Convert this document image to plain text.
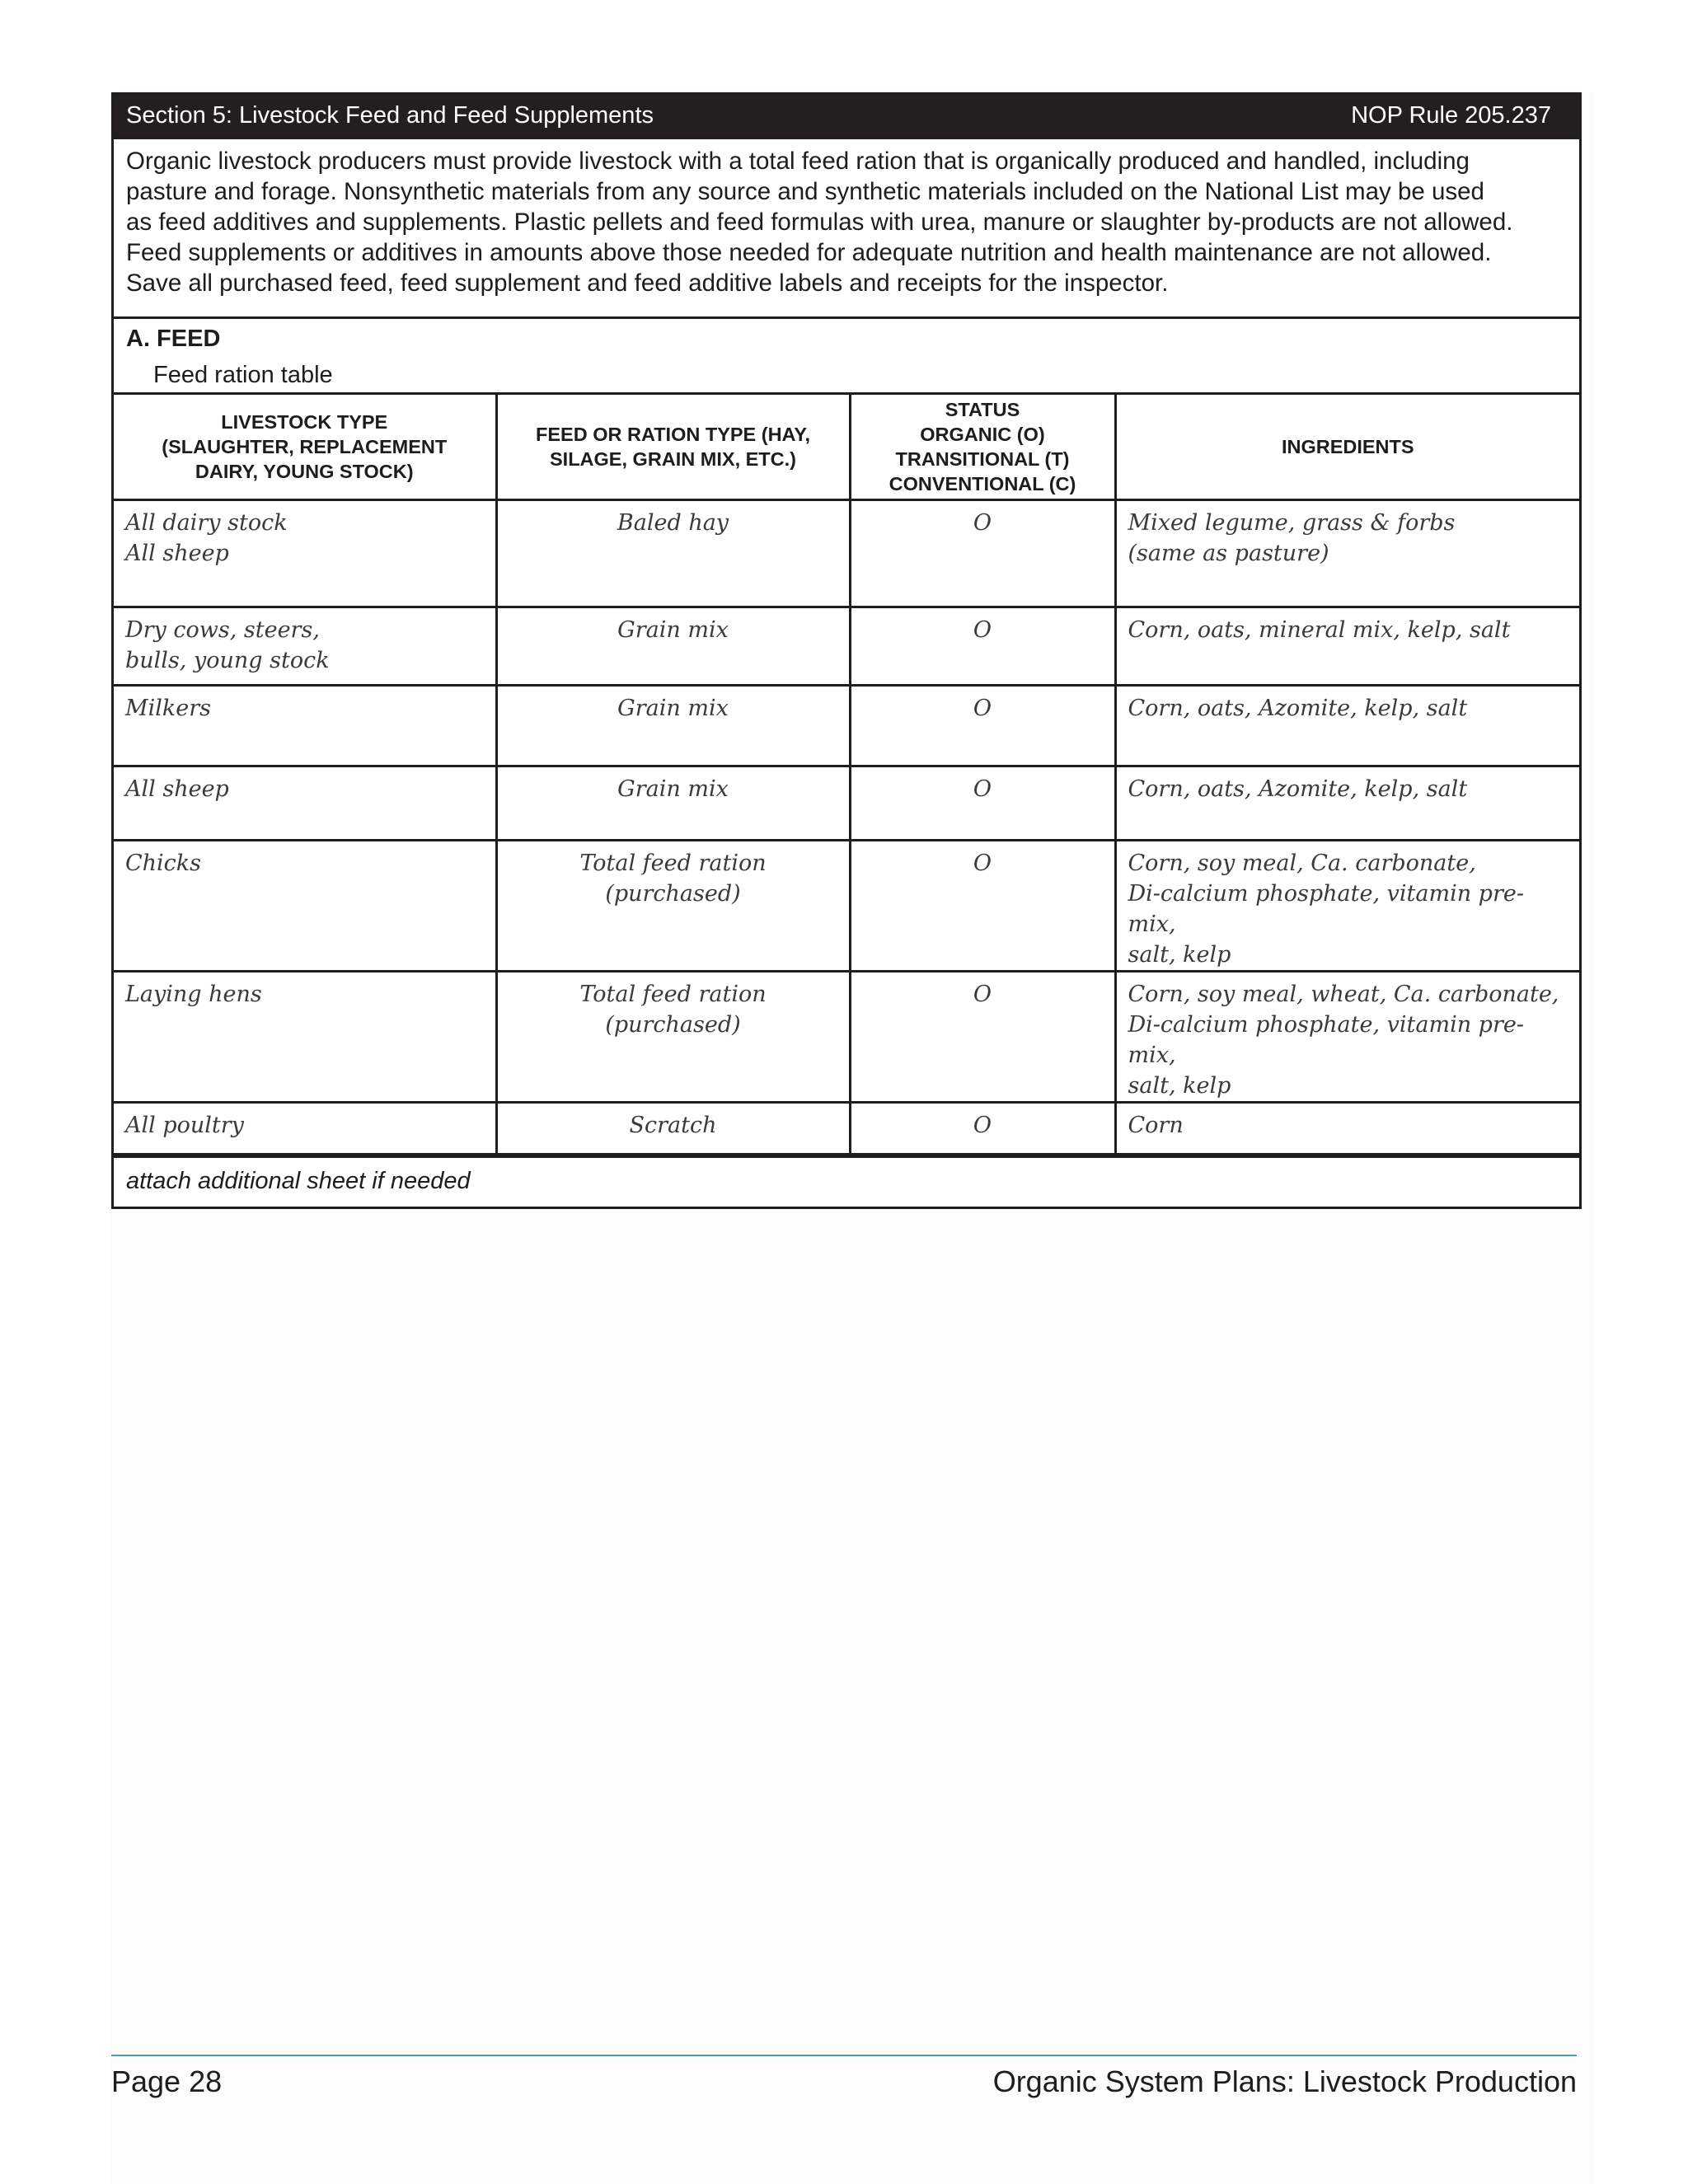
Section 5: Livestock Feed and Feed Supplements	NOP Rule 205.237

Organic livestock producers must provide livestock with a total feed ration that is organically produced and handled, including

pasture and forage. Nonsynthetic materials from any source and synthetic materials included on the National List may be used

as feed additives and supplements. Plastic pellets and feed formulas with urea, manure or slaughter by-products are not allowed.

Feed supplements or additives in amounts above those needed for adequate nutrition and health maintenance are not allowed.

Save all purchased feed, feed supplement and feed additive labels and receipts for the inspector.

A. FEED
Feed ration table
LIVESTOCK TYPE
(SLAUGHTER, REPLACEMENT
DAIRY, YOUNG STOCK)	FEED OR RATION TYPE (HAY,
SILAGE, GRAIN MIX, ETC.)	STATUS
ORGANIC (O)
TRANSITIONAL (T)
CONVENTIONAL (C)	INGREDIENTS
All dairy stock
All sheep	Baled hay	O	Mixed legume, grass & forbs
(same as pasture)
Dry cows, steers,
bulls, young stock	Grain mix	O	Corn, oats, mineral mix, kelp, salt
Milkers	Grain mix	O	Corn, oats, Azomite, kelp, salt
All sheep	Grain mix	O	Corn, oats, Azomite, kelp, salt
Chicks	Total feed ration
(purchased)	O	Corn, soy meal, Ca. carbonate,
Di-calcium phosphate, vitamin pre-mix,
salt, kelp
Laying hens	Total feed ration
(purchased)	O	Corn, soy meal, wheat, Ca. carbonate,
Di-calcium phosphate, vitamin pre-mix,
salt, kelp
All poultry	Scratch	O	Corn
attach additional sheet if needed
Page 28	Organic System Plans: Livestock Production
